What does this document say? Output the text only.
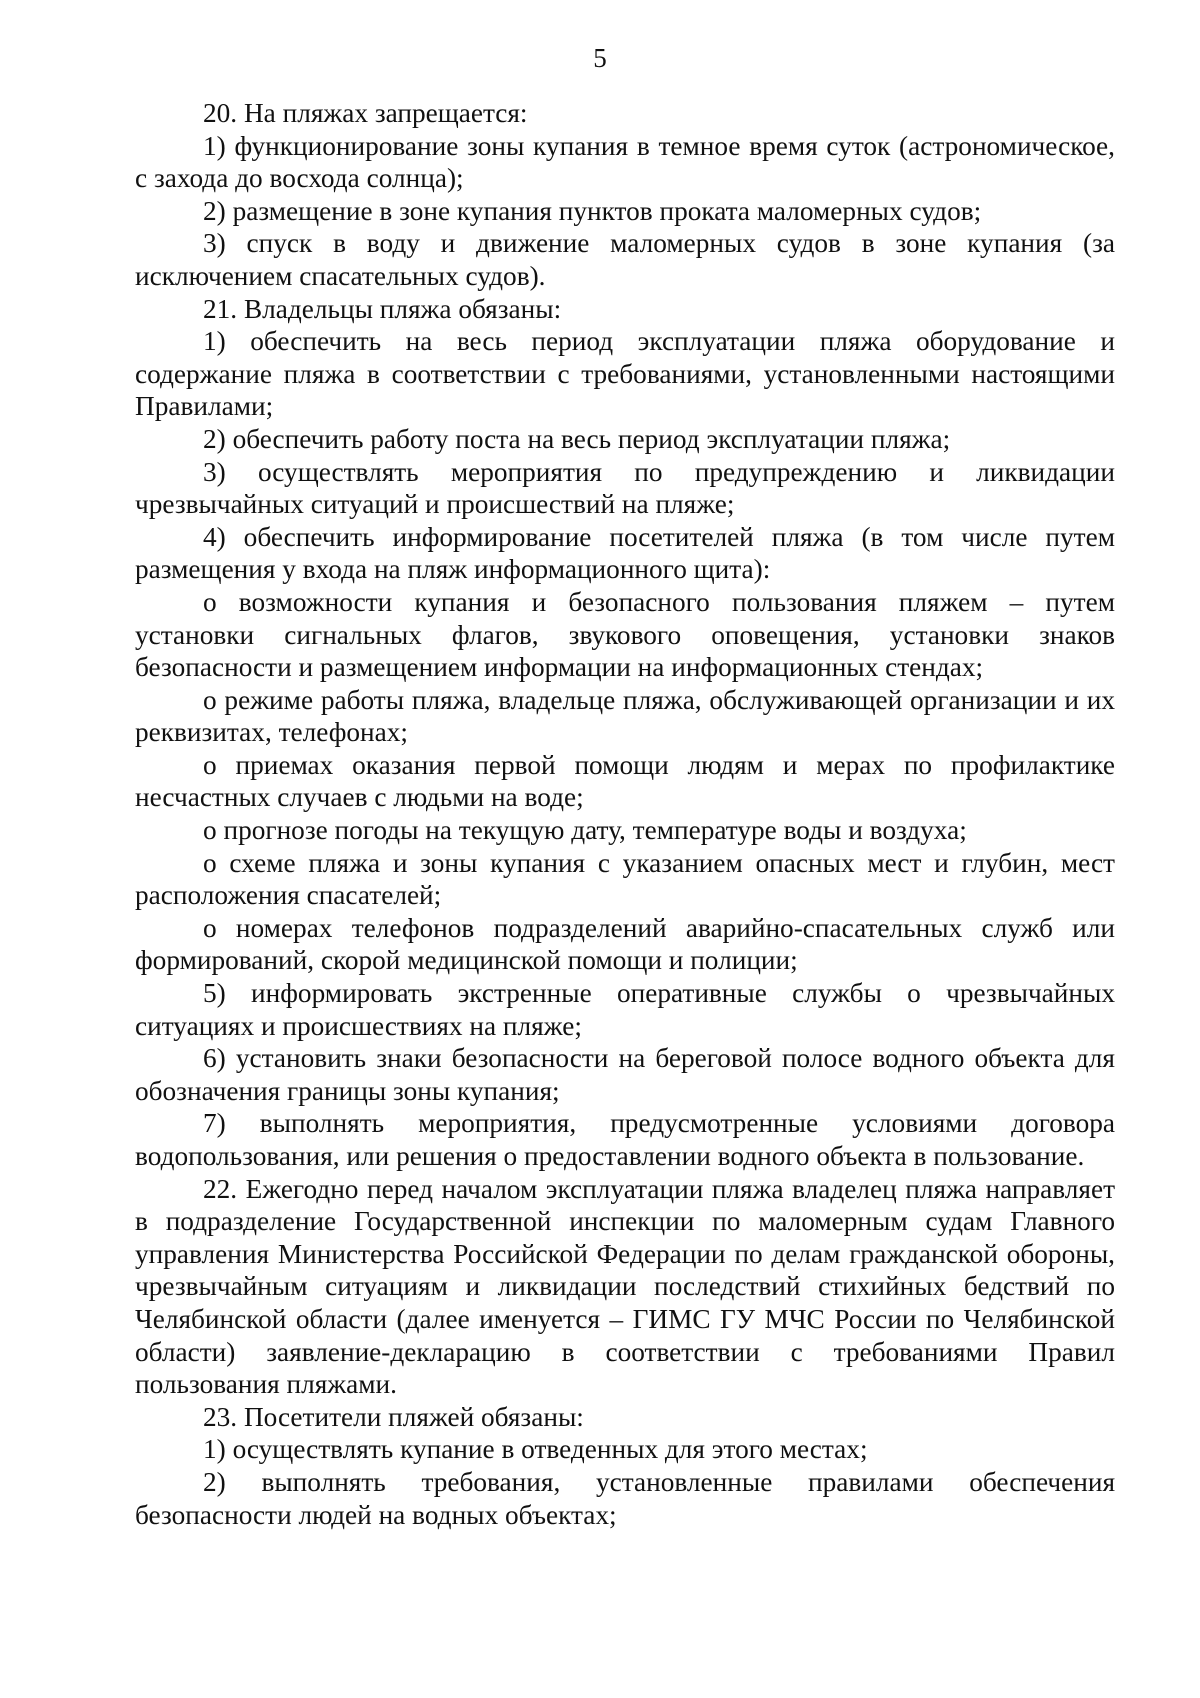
5

20. На пляжах запрещается:

1) функционирование зоны купания в темное время суток (астрономическое, с захода до восхода солнца);

2) размещение в зоне купания пунктов проката маломерных судов;

3) спуск в воду и движение маломерных судов в зоне купания (за исключением спасательных судов).

21. Владельцы пляжа обязаны:

1) обеспечить на весь период эксплуатации пляжа оборудование и содержание пляжа в соответствии с требованиями, установленными настоящими Правилами;

2) обеспечить работу поста на весь период эксплуатации пляжа;

3) осуществлять мероприятия по предупреждению и ликвидации чрезвычайных ситуаций и происшествий на пляже;

4) обеспечить информирование посетителей пляжа (в том числе путем размещения у входа на пляж информационного щита):

о возможности купания и безопасного пользования пляжем – путем установки сигнальных флагов, звукового оповещения, установки знаков безопасности и размещением информации на информационных стендах;

о режиме работы пляжа, владельце пляжа, обслуживающей организации и их реквизитах, телефонах;

о приемах оказания первой помощи людям и мерах по профилактике несчастных случаев с людьми на воде;

о прогнозе погоды на текущую дату, температуре воды и воздуха;

о схеме пляжа и зоны купания с указанием опасных мест и глубин, мест расположения спасателей;

о номерах телефонов подразделений аварийно-спасательных служб или формирований, скорой медицинской помощи и полиции;

5) информировать экстренные оперативные службы о чрезвычайных ситуациях и происшествиях на пляже;

6) установить знаки безопасности на береговой полосе водного объекта для обозначения границы зоны купания;

7) выполнять мероприятия, предусмотренные условиями договора водопользования, или решения о предоставлении водного объекта в пользование.

22. Ежегодно перед началом эксплуатации пляжа владелец пляжа направляет в подразделение Государственной инспекции по маломерным судам Главного управления Министерства Российской Федерации по делам гражданской обороны, чрезвычайным ситуациям и ликвидации последствий стихийных бедствий по Челябинской области (далее именуется – ГИМС ГУ МЧС России по Челябинской области) заявление-декларацию в соответствии с требованиями Правил пользования пляжами.

23. Посетители пляжей обязаны:

1) осуществлять купание в отведенных для этого местах;

2) выполнять требования, установленные правилами обеспечения безопасности людей на водных объектах;
